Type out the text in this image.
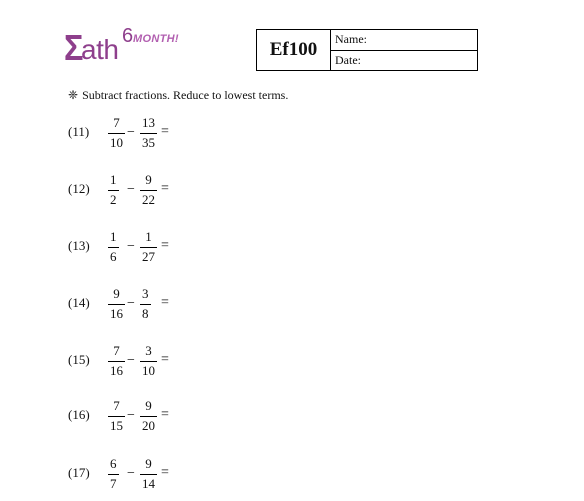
Σ
ath 6 MONTH!	Ef100	Name:
Date:
❈ Subtract fractions. Reduce to lowest terms.
(11)
7
10
−
13
35
=
(12)
1
2
−
9
22
=
(13)
1
6
−
1
27
=
(14)
9
16
−
3
8
=
(15)
7
16
−
3
10
=
(16)
7
15
−
9
20
=
(17)
6
7
−
9
14
=
